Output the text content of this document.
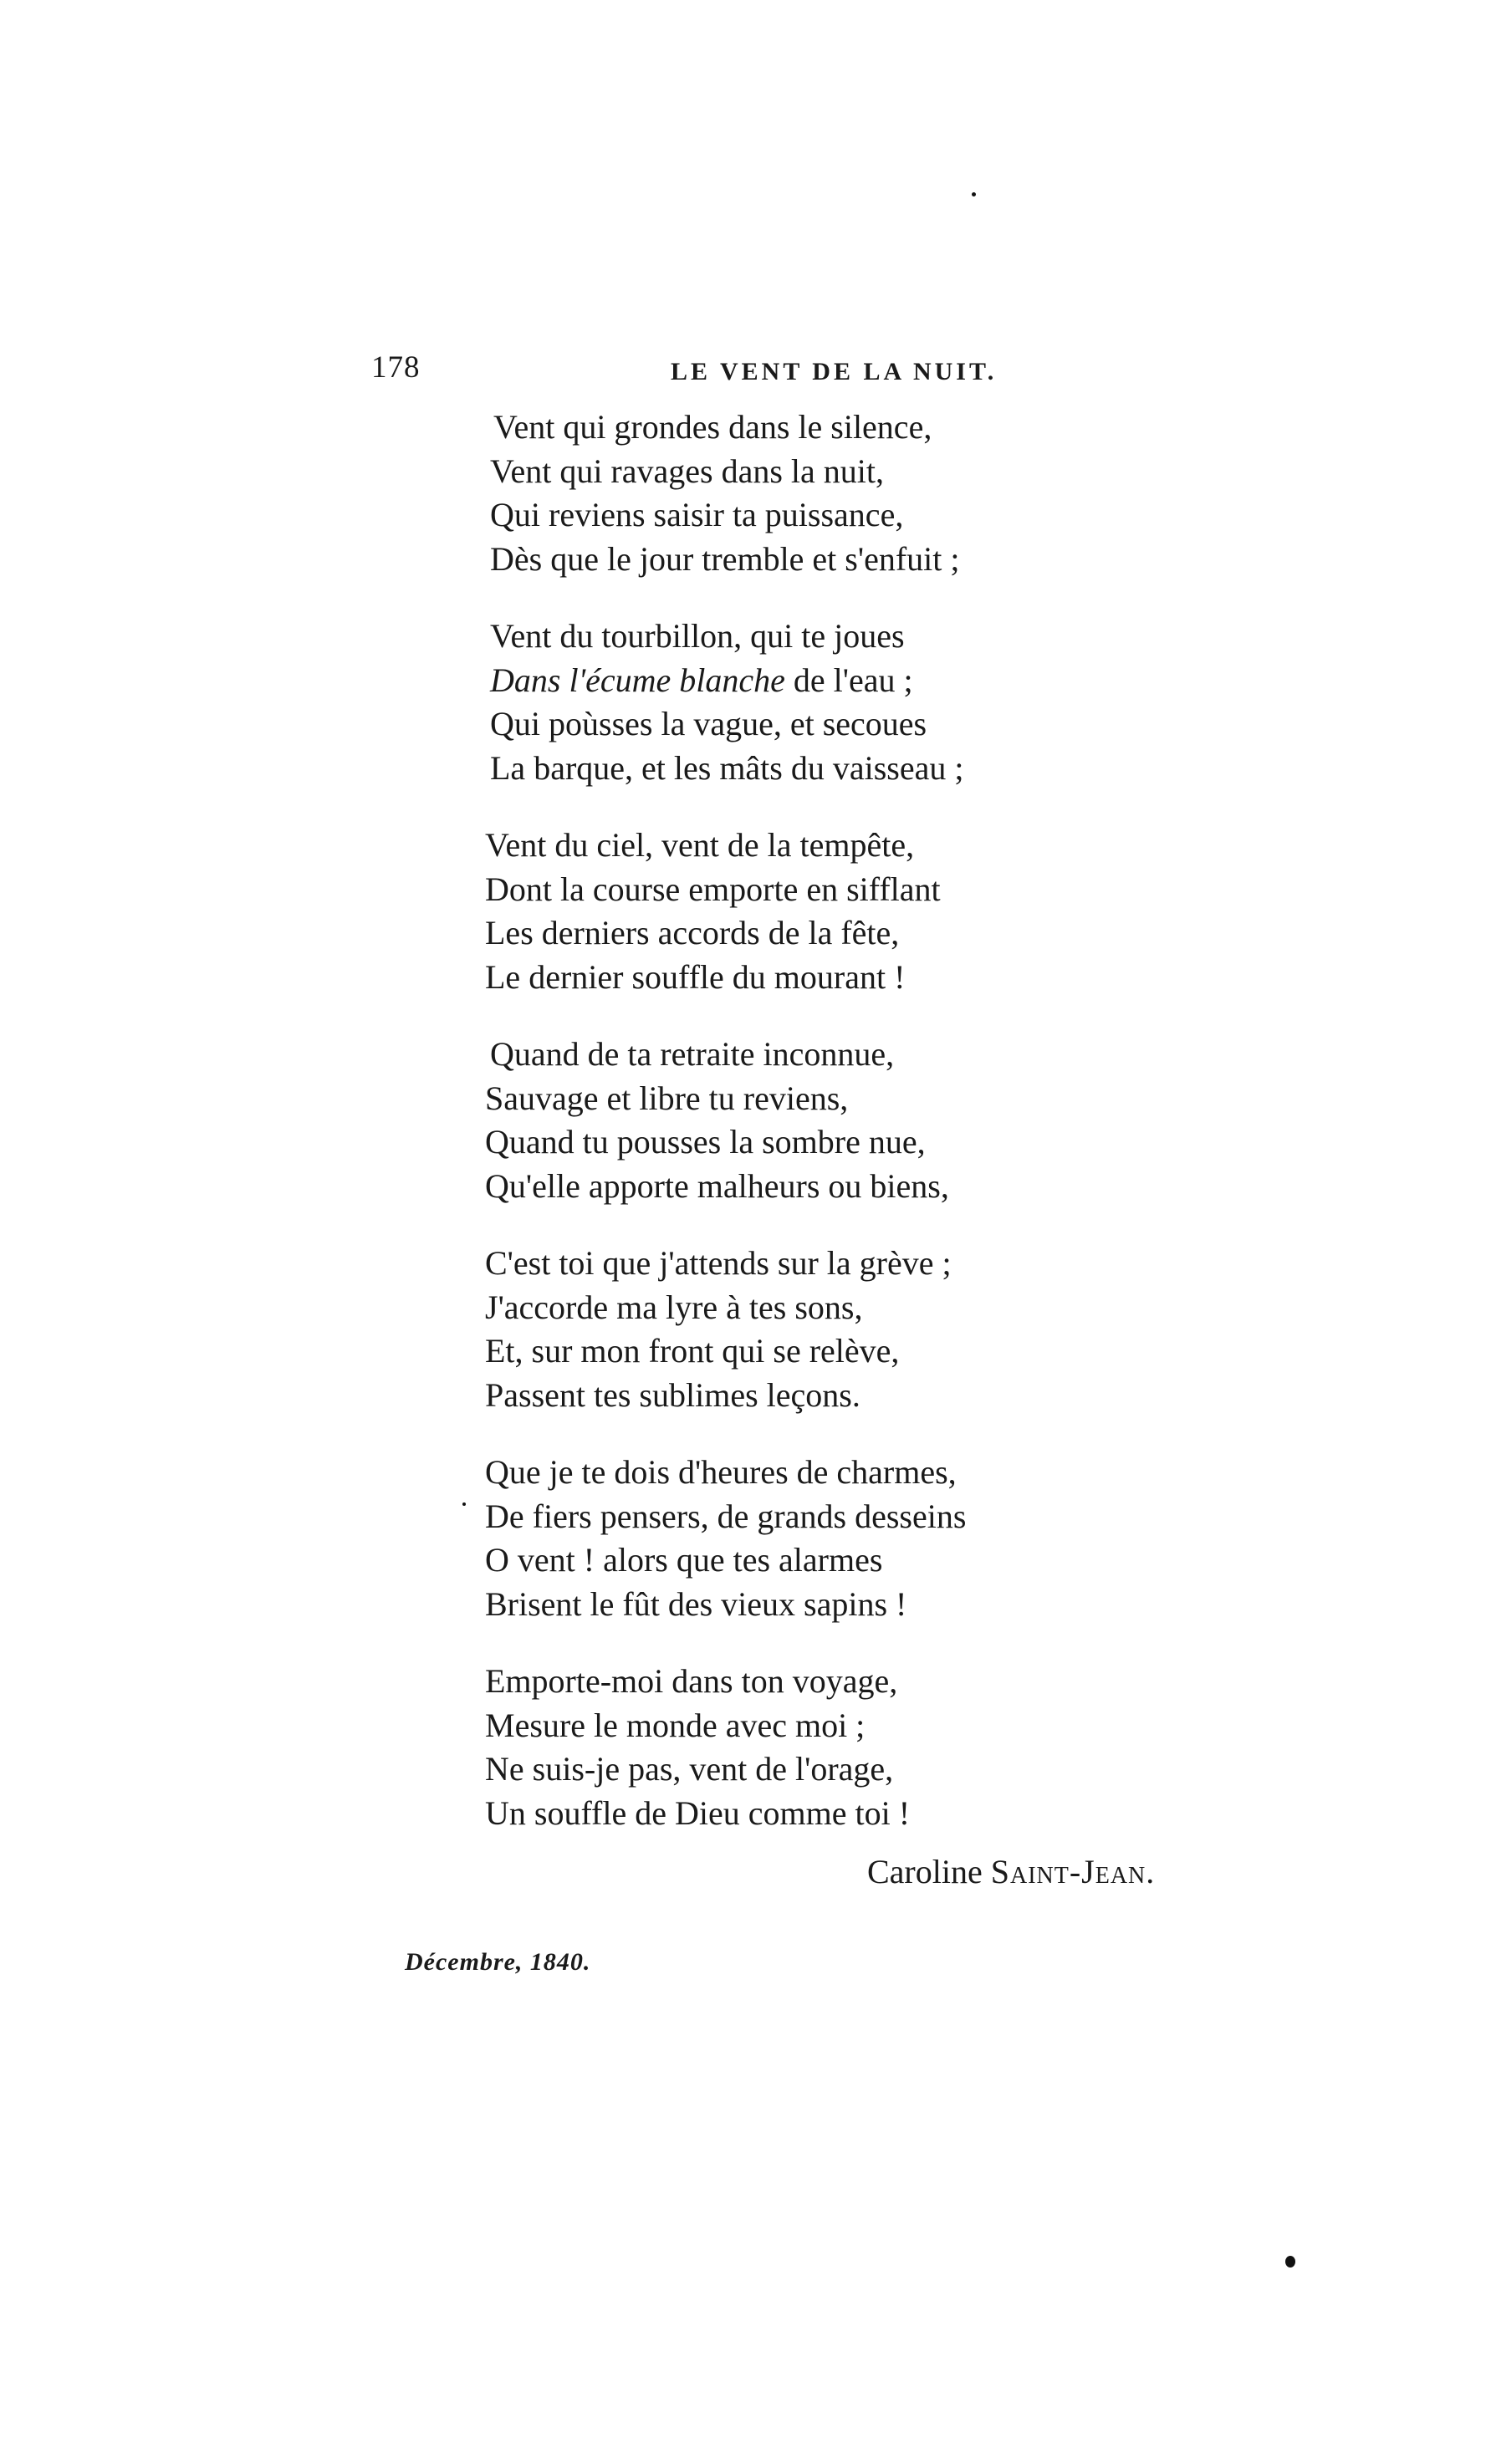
178	LE VENT DE LA NUIT.
Vent qui grondes dans le silence,
Vent qui ravages dans la nuit,
Qui reviens saisir ta puissance,
Dès que le jour tremble et s'enfuit ;
Vent du tourbillon, qui te joues
Dans l'écume blanche de l'eau ;
Qui poùsses la vague, et secoues
La barque, et les mâts du vaisseau ;
Vent du ciel, vent de la tempête,
Dont la course emporte en sifflant
Les derniers accords de la fête,
Le dernier souffle du mourant !
Quand de ta retraite inconnue,
Sauvage et libre tu reviens,
Quand tu pousses la sombre nue,
Qu'elle apporte malheurs ou biens,
C'est toi que j'attends sur la grève ;
J'accorde ma lyre à tes sons,
Et, sur mon front qui se relève,
Passent tes sublimes leçons.
Que je te dois d'heures de charmes,
De fiers pensers, de grands desseins
O vent ! alors que tes alarmes
Brisent le fût des vieux sapins !
Emporte-moi dans ton voyage,
Mesure le monde avec moi ;
Ne suis-je pas, vent de l'orage,
Un souffle de Dieu comme toi !
Caroline Saint-Jean.
Décembre, 1840.
